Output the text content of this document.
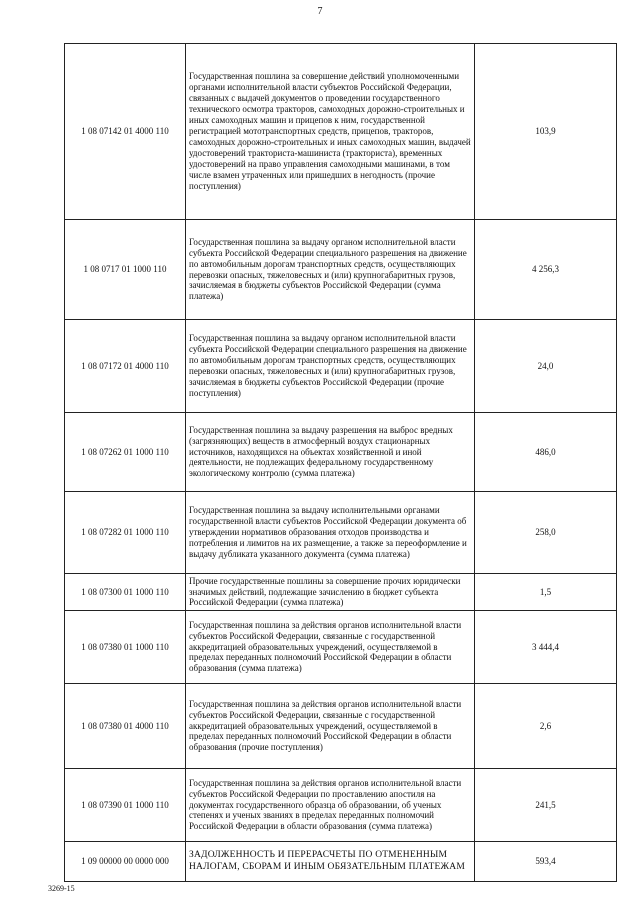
7
1 08 07142 01 4000 110	Государственная пошлина за совершение действий уполномоченными органами исполнительной власти субъектов Российской Федерации, связанных с выдачей документов о проведении государственного технического осмотра тракторов, самоходных дорожно-строительных и иных самоходных машин и прицепов к ним, государственной регистрацией мототранспортных средств, прицепов, тракторов, самоходных дорожно-строительных и иных самоходных машин, выдачей удостоверений тракториста-машиниста (тракториста), временных удостоверений на право управления самоходными машинами, в том числе взамен утраченных или пришедших в негодность (прочие поступления)	103,9
1 08 0717 01 1000 110	Государственная пошлина за выдачу органом исполнительной власти субъекта Российской Федерации специального разрешения на движение по автомобильным дорогам транспортных средств, осуществляющих перевозки опасных, тяжеловесных и (или) крупногабаритных грузов, зачисляемая в бюджеты субъектов Российской Федерации (сумма платежа)	4 256,3
1 08 07172 01 4000 110	Государственная пошлина за выдачу органом исполнительной власти субъекта Российской Федерации специального разрешения на движение по автомобильным дорогам транспортных средств, осуществляющих перевозки опасных, тяжеловесных и (или) крупногабаритных грузов, зачисляемая в бюджеты субъектов Российской Федерации (прочие поступления)	24,0
1 08 07262 01 1000 110	Государственная пошлина за выдачу разрешения на выброс вредных (загрязняющих) веществ в атмосферный воздух стационарных источников, находящихся на объектах хозяйственной и иной деятельности, не подлежащих федеральному государственному экологическому контролю (сумма платежа)	486,0
1 08 07282 01 1000 110	Государственная пошлина за выдачу исполнительными органами государственной власти субъектов Российской Федерации документа об утверждении нормативов образования отходов производства и потребления и лимитов на их размещение, а также за переоформление и выдачу дубликата указанного документа (сумма платежа)	258,0
1 08 07300 01 1000 110	Прочие государственные пошлины за совершение прочих юридически значимых действий, подлежащие зачислению в бюджет субъекта Российской Федерации (сумма платежа)	1,5
1 08 07380 01 1000 110	Государственная пошлина за действия органов исполнительной власти субъектов Российской Федерации, связанные с государственной аккредитацией образовательных учреждений, осуществляемой в пределах переданных полномочий Российской Федерации в области образования (сумма платежа)	3 444,4
1 08 07380 01 4000 110	Государственная пошлина за действия органов исполнительной власти субъектов Российской Федерации, связанные с государственной аккредитацией образовательных учреждений, осуществляемой в пределах переданных полномочий Российской Федерации в области образования (прочие поступления)	2,6
1 08 07390 01 1000 110	Государственная пошлина за действия органов исполнительной власти субъектов Российской Федерации по проставлению апостиля на документах государственного образца об образовании, об ученых степенях и ученых званиях в пределах переданных полномочий Российской Федерации в области образования (сумма платежа)	241,5
1 09 00000 00 0000 000	ЗАДОЛЖЕННОСТЬ И ПЕРЕРАСЧЕТЫ ПО ОТМЕНЕННЫМ НАЛОГАМ, СБОРАМ И ИНЫМ ОБЯЗАТЕЛЬНЫМ ПЛАТЕЖАМ	593,4
3269-15
